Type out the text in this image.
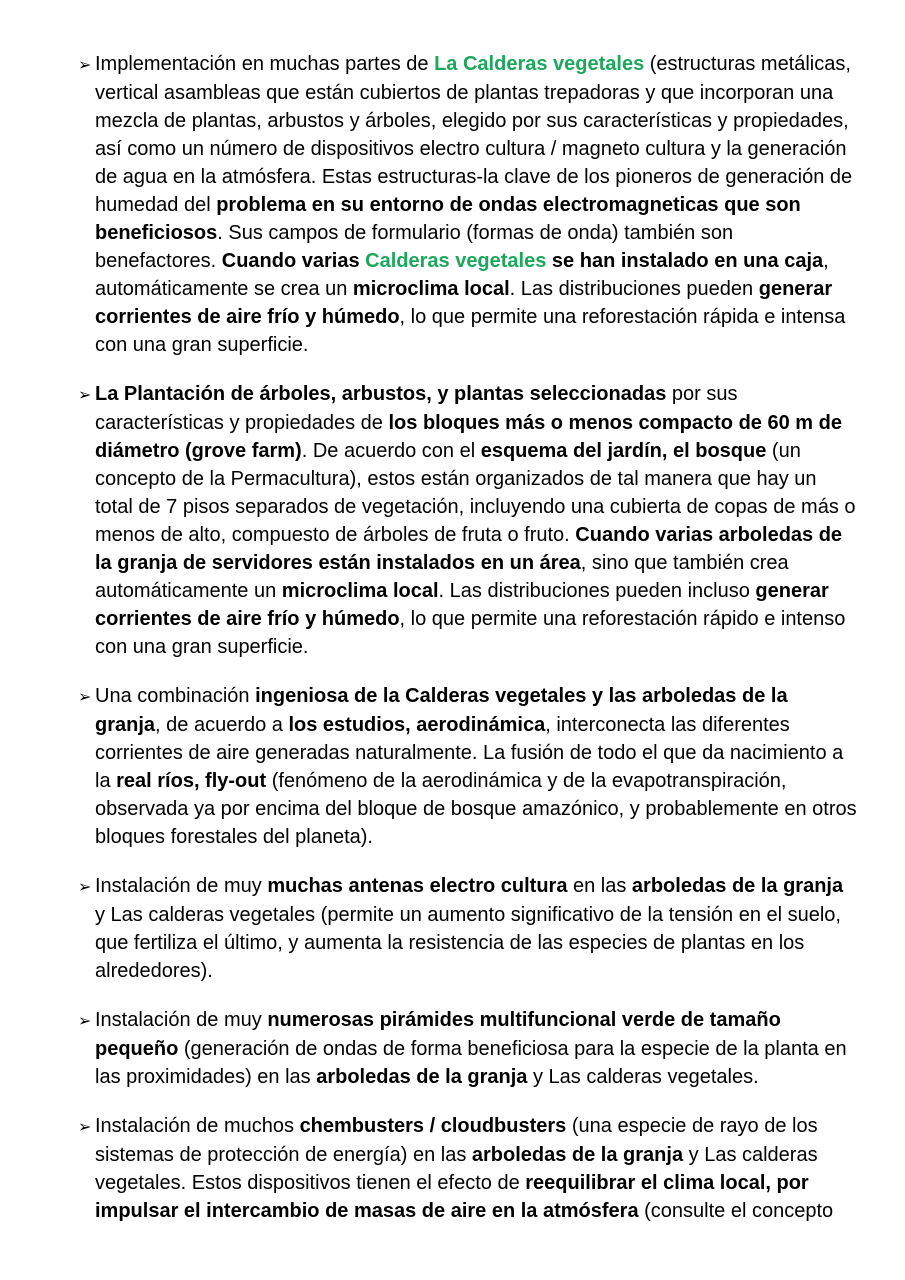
➢ Implementación en muchas partes de La Calderas vegetales (estructuras metálicas, vertical asambleas que están cubiertos de plantas trepadoras y que incorporan una mezcla de plantas, arbustos y árboles, elegido por sus características y propiedades, así como un número de dispositivos electro cultura / magneto cultura y la generación de agua en la atmósfera. Estas estructuras-la clave de los pioneros de generación de humedad del problema en su entorno de ondas electromagneticas que son beneficiosos. Sus campos de formulario (formas de onda) también son benefactores. Cuando varias Calderas vegetales se han instalado en una caja, automáticamente se crea un microclima local. Las distribuciones pueden generar corrientes de aire frío y húmedo, lo que permite una reforestación rápida e intensa con una gran superficie.
➢ La Plantación de árboles, arbustos, y plantas seleccionadas por sus características y propiedades de los bloques más o menos compacto de 60 m de diámetro (grove farm). De acuerdo con el esquema del jardín, el bosque (un concepto de la Permacultura), estos están organizados de tal manera que hay un total de 7 pisos separados de vegetación, incluyendo una cubierta de copas de más o menos de alto, compuesto de árboles de fruta o fruto. Cuando varias arboledas de la granja de servidores están instalados en un área, sino que también crea automáticamente un microclima local. Las distribuciones pueden incluso generar corrientes de aire frío y húmedo, lo que permite una reforestación rápido e intenso con una gran superficie.
➢ Una combinación ingeniosa de la Calderas vegetales y las arboledas de la granja, de acuerdo a los estudios, aerodinámica, interconecta las diferentes corrientes de aire generadas naturalmente. La fusión de todo el que da nacimiento a la real ríos, fly-out (fenómeno de la aerodinámica y de la evapotranspiración, observada ya por encima del bloque de bosque amazónico, y probablemente en otros bloques forestales del planeta).
➢ Instalación de muy muchas antenas electro cultura en las arboledas de la granja y Las calderas vegetales (permite un aumento significativo de la tensión en el suelo, que fertiliza el último, y aumenta la resistencia de las especies de plantas en los alrededores).
➢ Instalación de muy numerosas pirámides multifuncional verde de tamaño pequeño (generación de ondas de forma beneficiosa para la especie de la planta en las proximidades) en las arboledas de la granja y Las calderas vegetales.
➢ Instalación de muchos chembusters / cloudbusters (una especie de rayo de los sistemas de protección de energía) en las arboledas de la granja y Las calderas vegetales. Estos dispositivos tienen el efecto de reequilibrar el clima local, por impulsar el intercambio de masas de aire en la atmósfera (consulte el concepto
